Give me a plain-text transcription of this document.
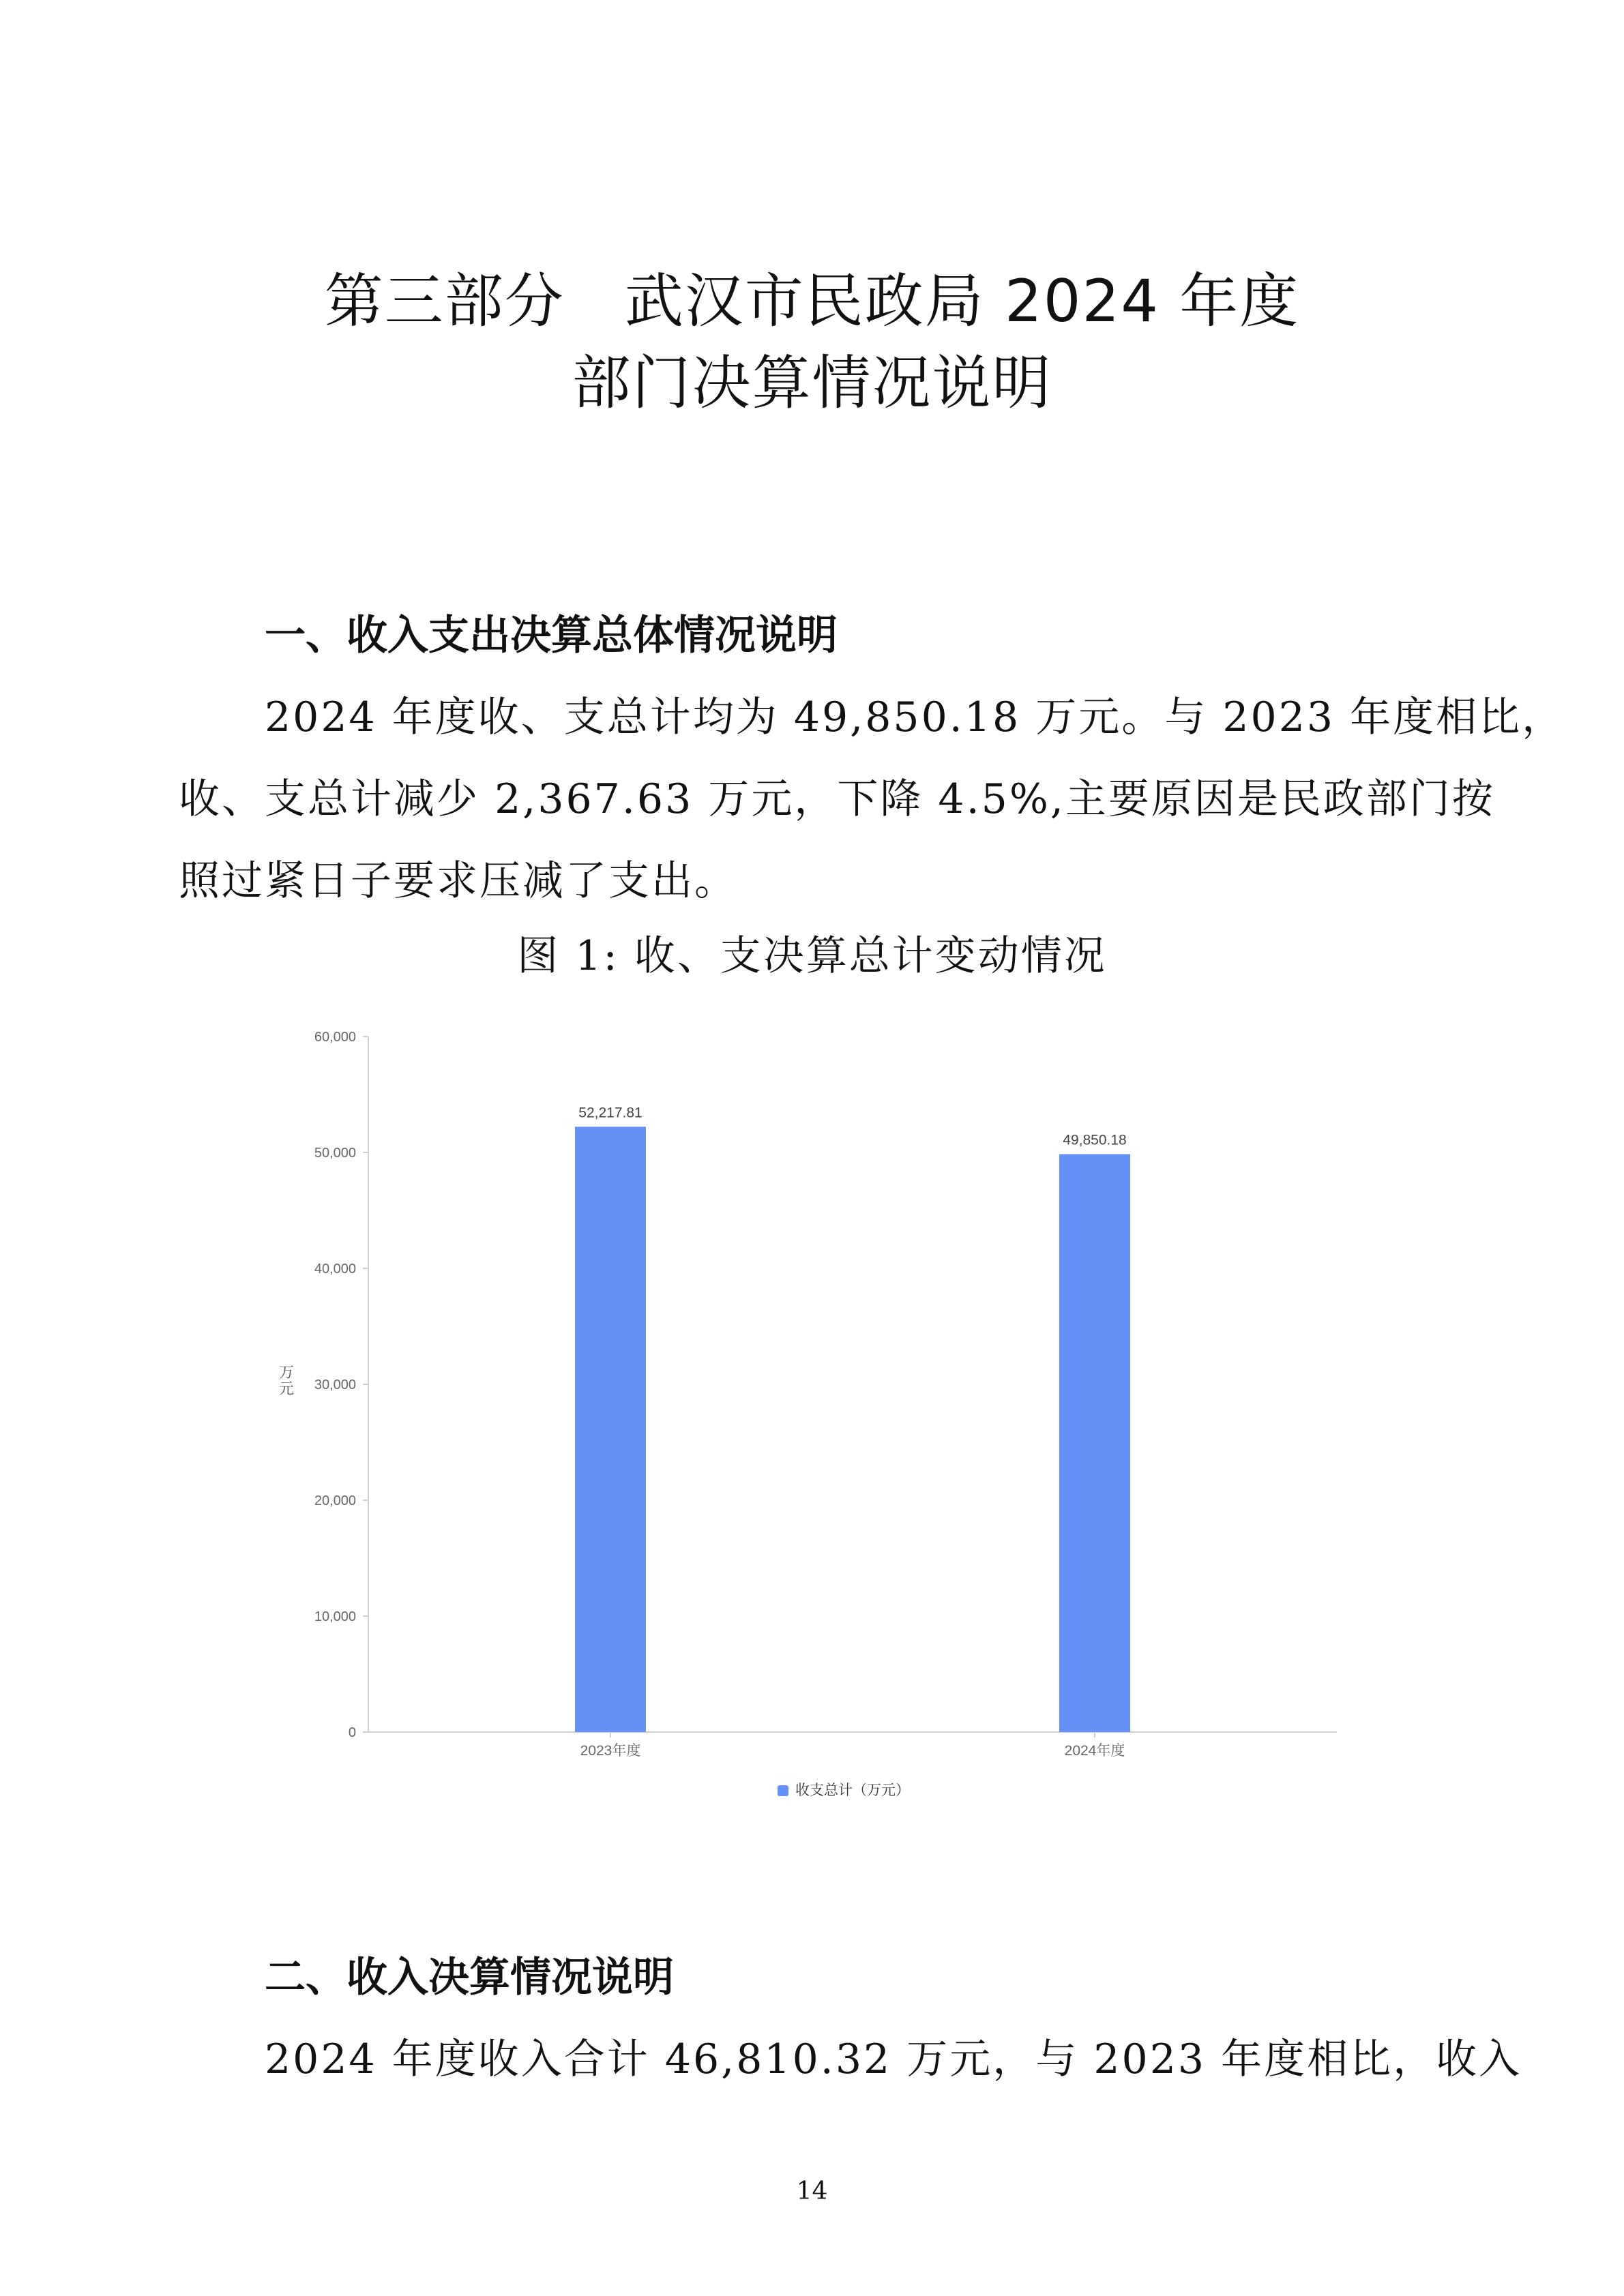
第三部分　武汉市民政局 2024 年度
部门决算情况说明
一、收入支出决算总体情况说明
2024 年度收、支总计均为 49,850.18 万元。与 2023 年度相比，
收、支总计减少 2,367.63 万元，下降 4.5%,主要原因是民政部门按
照过紧日子要求压减了支出。
图 1: 收、支决算总计变动情况
0
10,000
20,000
30,000
40,000
50,000
60,000
万元
52,217.81
2023年度
49,850.18
2024年度
收支总计（万元）
二、收入决算情况说明
2024 年度收入合计 46,810.32 万元，与 2023 年度相比，收入
14
